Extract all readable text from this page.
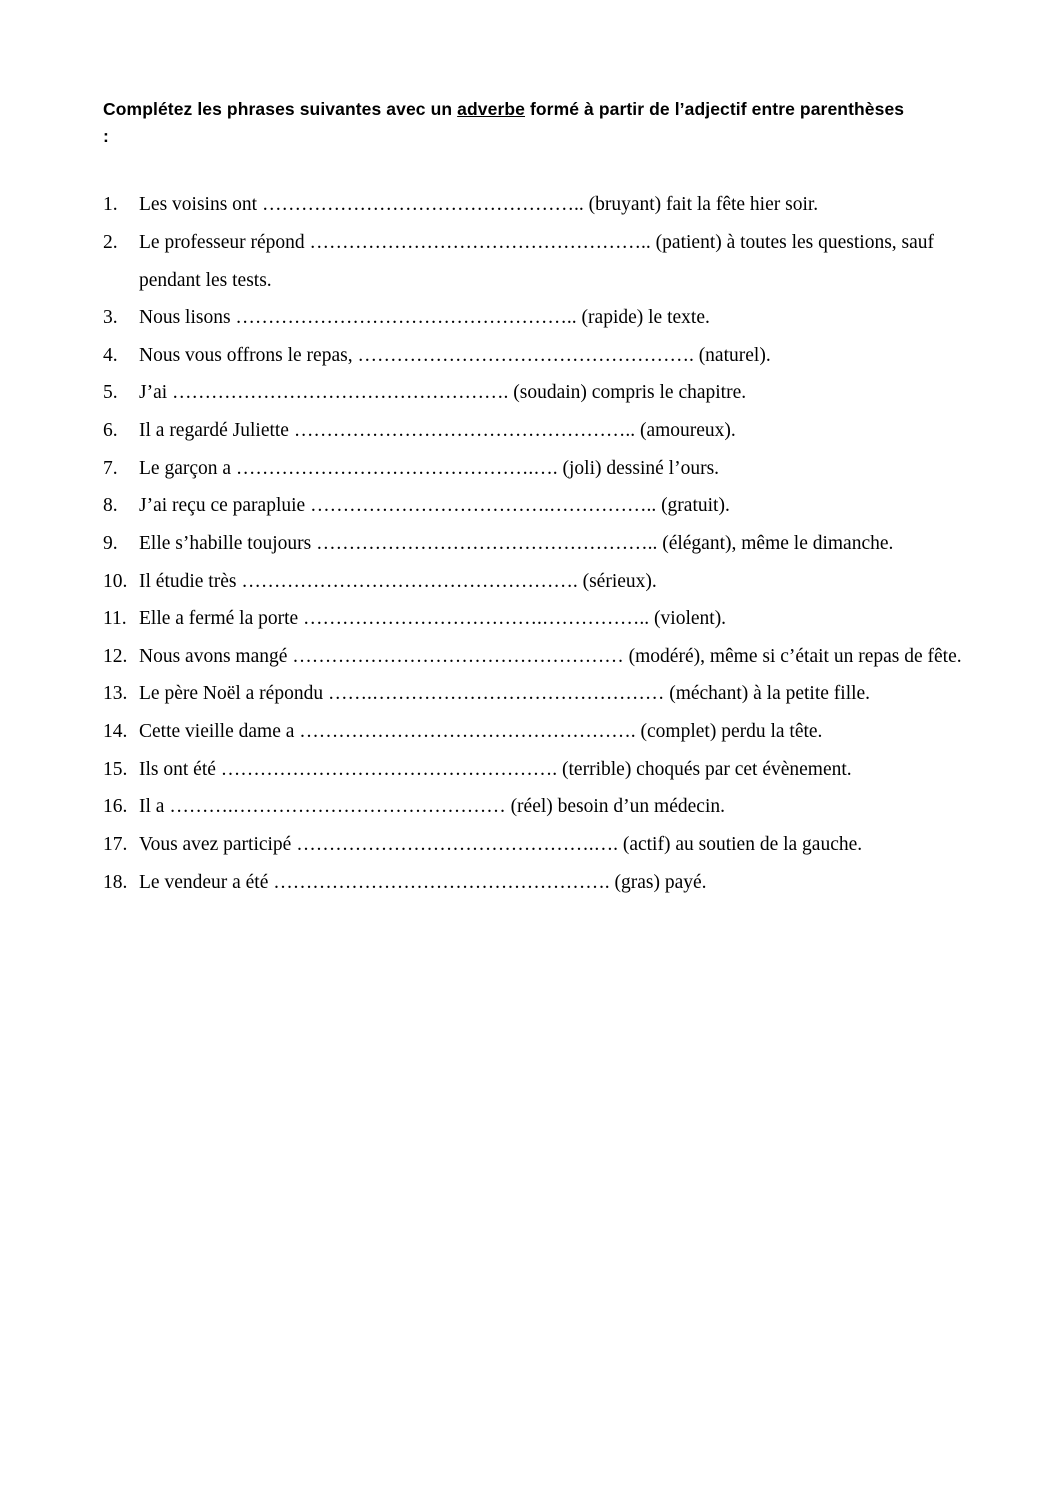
Complétez les phrases suivantes avec un adverbe formé à partir de l’adjectif entre parenthèses :

Les voisins ont ………………………………………….. (bruyant) fait la fête hier soir.
Le professeur répond …………………………………………….. (patient) à toutes les questions, sauf pendant les tests.
Nous lisons …………………………………………….. (rapide) le texte.
Nous vous offrons le repas, ……………………………………………. (naturel).
J’ai ……………………………………………. (soudain) compris le chapitre.
Il a regardé Juliette …………………………………………….. (amoureux).
Le garçon a ……………………………………….…. (joli) dessiné l’ours.
J’ai reçu ce parapluie ……………………………….…………….. (gratuit).
Elle s’habille toujours …………………………………………….. (élégant), même le dimanche.
Il étudie très ……………………………………………. (sérieux).
Elle a fermé la porte ……………………………….…………….. (violent).
Nous avons mangé …………………………………………… (modéré), même si c’était un repas de fête.
Le père Noël a répondu …….……………………………………… (méchant) à la petite fille.
Cette vieille dame a ……………………………………………. (complet) perdu la tête.
Ils ont été ……………………………………………. (terrible) choqués par cet évènement.
Il a ……….…………………………………… (réel) besoin d’un médecin.
Vous avez participé ……………………………………….…. (actif) au soutien de la gauche.
Le vendeur a été ……………………………………………. (gras) payé.
